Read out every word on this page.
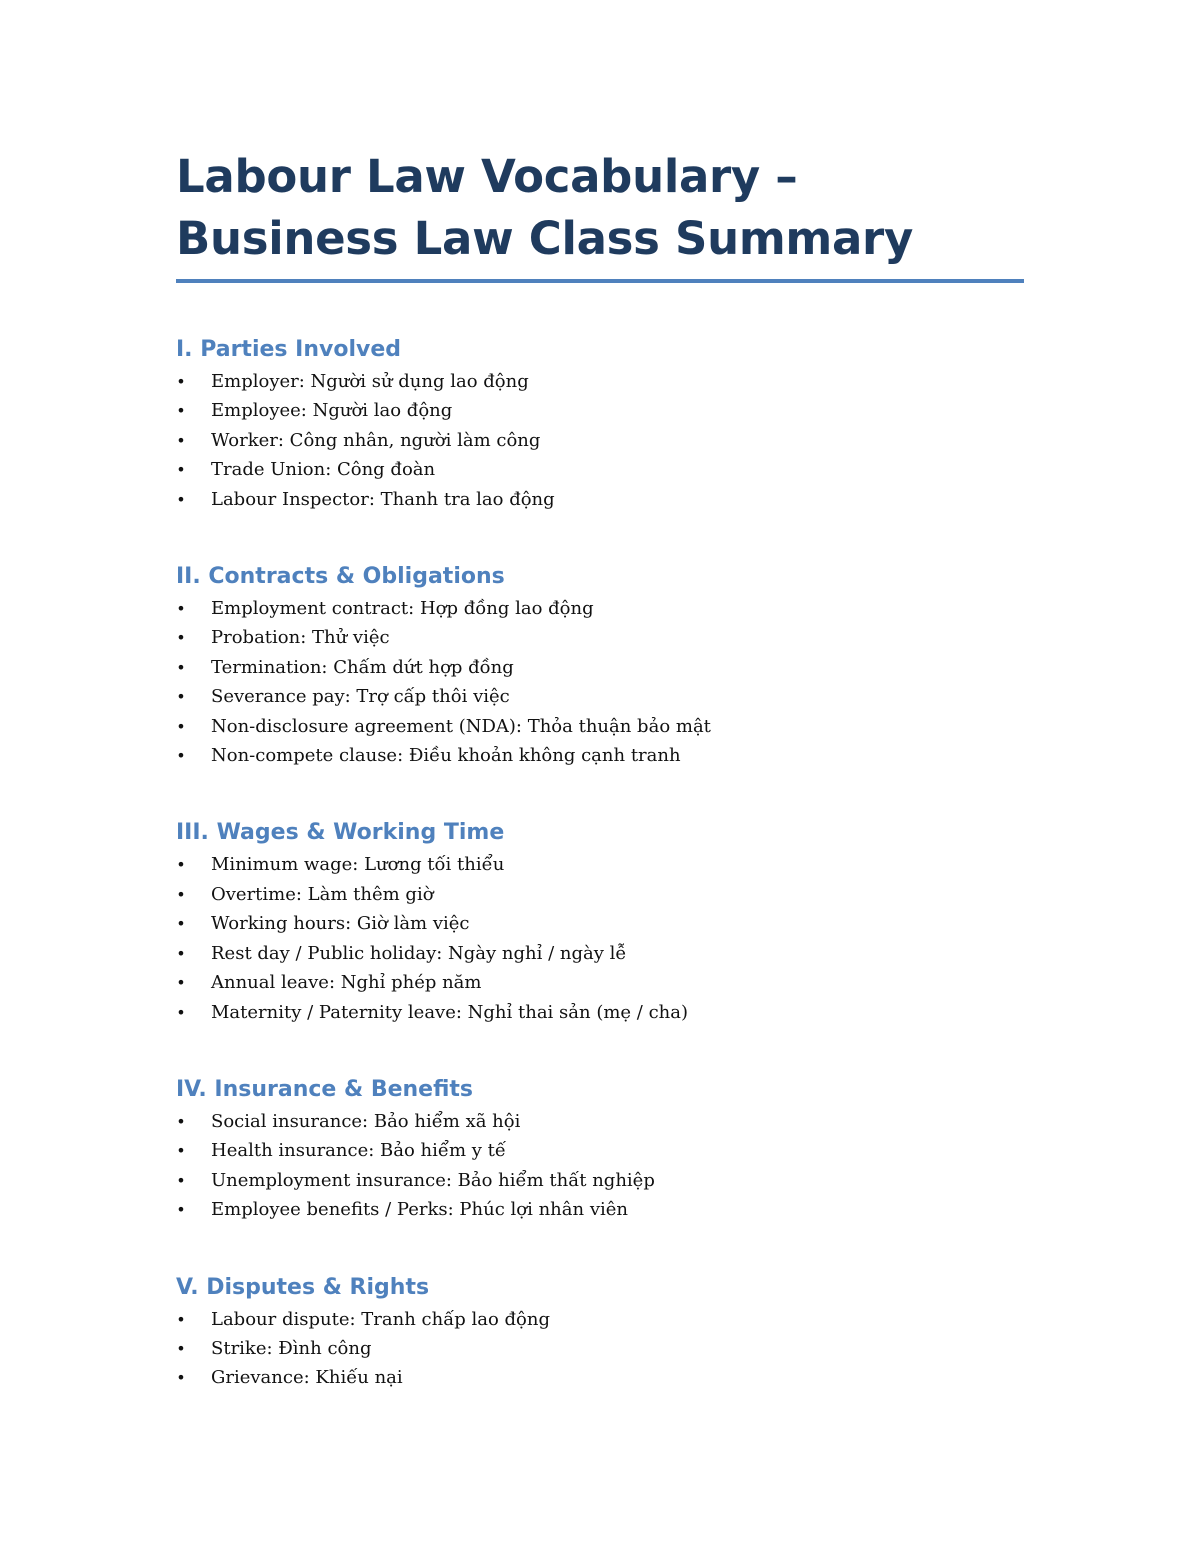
Labour Law Vocabulary – Business Law Class Summary
I. Parties Involved
• Employer: Người sử dụng lao động
• Employee: Người lao động
• Worker: Công nhân, người làm công
• Trade Union: Công đoàn
• Labour Inspector: Thanh tra lao động
II. Contracts & Obligations
• Employment contract: Hợp đồng lao động
• Probation: Thử việc
• Termination: Chấm dứt hợp đồng
• Severance pay: Trợ cấp thôi việc
• Non-disclosure agreement (NDA): Thỏa thuận bảo mật
• Non-compete clause: Điều khoản không cạnh tranh
III. Wages & Working Time
• Minimum wage: Lương tối thiểu
• Overtime: Làm thêm giờ
• Working hours: Giờ làm việc
• Rest day / Public holiday: Ngày nghỉ / ngày lễ
• Annual leave: Nghỉ phép năm
• Maternity / Paternity leave: Nghỉ thai sản (mẹ / cha)
IV. Insurance & Benefits
• Social insurance: Bảo hiểm xã hội
• Health insurance: Bảo hiểm y tế
• Unemployment insurance: Bảo hiểm thất nghiệp
• Employee benefits / Perks: Phúc lợi nhân viên
V. Disputes & Rights
• Labour dispute: Tranh chấp lao động
• Strike: Đình công
• Grievance: Khiếu nại
